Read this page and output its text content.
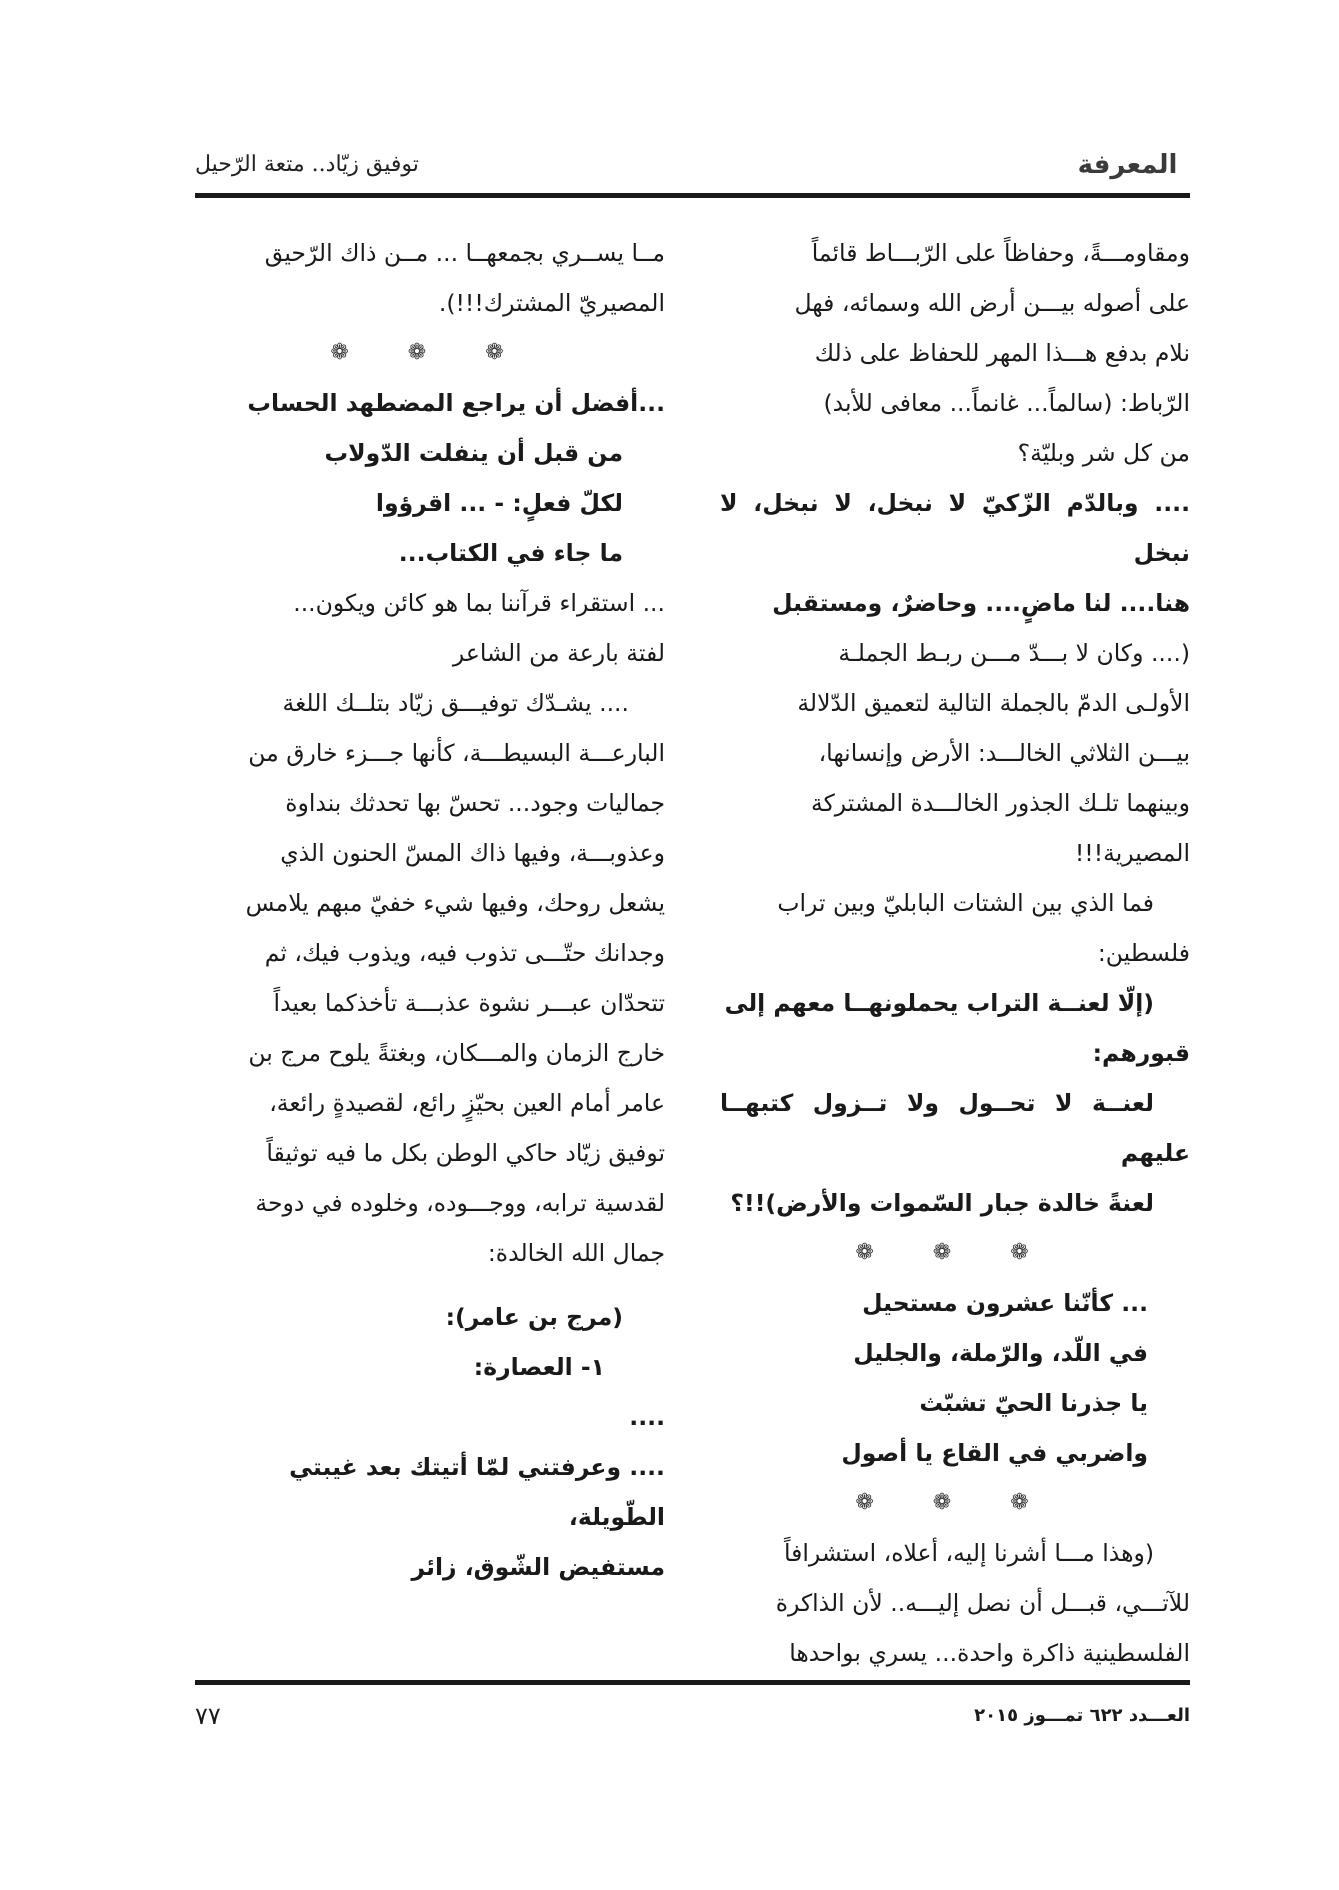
المعرفة
توفيق زيّاد.. متعة الرّحيل

ومقاومـــةً، وحفاظاً على الرّبـــاط قائماً

على أصوله بيـــن أرض الله وسمائه، فهل

نلام بدفع هـــذا المهر للحفاظ على ذلك

الرّباط: (سالماً... غانماً... معافى للأبد)

من كل شر وبليّة؟

.... وبالدّم الزّكيّ لا نبخل، لا نبخل، لا نبخل

هنا.... لنا ماضٍ.... وحاضرٌ، ومستقبل

(.... وكان لا بـــدّ مـــن ربـط الجملـة

الأولـى الدمّ بالجملة التالية لتعميق الدّلالة

بيـــن الثلاثي الخالـــد: الأرض وإنسانها،

وبينهما تلـك الجذور الخالـــدة المشتركة

المصيرية!!!

فما الذي بين الشتات البابليّ وبين تراب

فلسطين:

(إلّا لعنــة التراب يحملونهــا معهم إلى

قبورهم:

لعنــة لا تحــول ولا تــزول كتبهــا عليهم

لعنةً خالدة جبار السّموات والأرض)!!؟

❁ ❁ ❁

... كأنّنا عشرون مستحيل

في اللّد، والرّملة، والجليل

يا جذرنا الحيّ تشبّث

واضربي في القاع يا أصول

❁ ❁ ❁

(وهذا مـــا أشرنا إليه، أعلاه، استشرافاً

للآتـــي، قبـــل أن نصل إليـــه.. لأن الذاكرة

الفلسطينية ذاكرة واحدة... يسري بواحدها

مــا يســري بجمعهــا ... مــن ذاك الرّحيق

المصيريّ المشترك!!!).

❁ ❁ ❁

...أفضل أن يراجع المضطهد الحساب

من قبل أن ينفلت الدّولاب

لكلّ فعلٍ: - ... اقرؤوا

ما جاء في الكتاب...

... استقراء قرآننا بما هو كائن ويكون...

لفتة بارعة من الشاعر

.... يشـدّك توفيـــق زيّاد بتلــك اللغة

البارعـــة البسيطـــة، كأنها جـــزء خارق من

جماليات وجود... تحسّ بها تحدثك بنداوة

وعذوبـــة، وفيها ذاك المسّ الحنون الذي

يشعل روحك، وفيها شيء خفيّ مبهم يلامس

وجدانك حتّـــى تذوب فيه، ويذوب فيك، ثم

تتحدّان عبـــر نشوة عذبـــة تأخذكما بعيداً

خارج الزمان والمـــكان، وبغتةً يلوح مرج بن

عامر أمام العين بحيّزٍ رائع، لقصيدةٍ رائعة،

توفيق زيّاد حاكي الوطن بكل ما فيه توثيقاً

لقدسية ترابه، ووجـــوده، وخلوده في دوحة

جمال الله الخالدة:

(مرج بن عامر):

١- العصارة:

....

.... وعرفتني لمّا أتيتك بعد غيبتي

الطّويلة،

مستفيض الشّوق، زائر

العـــدد ٦٢٢ تمـــوز ٢٠١٥
٧٧
